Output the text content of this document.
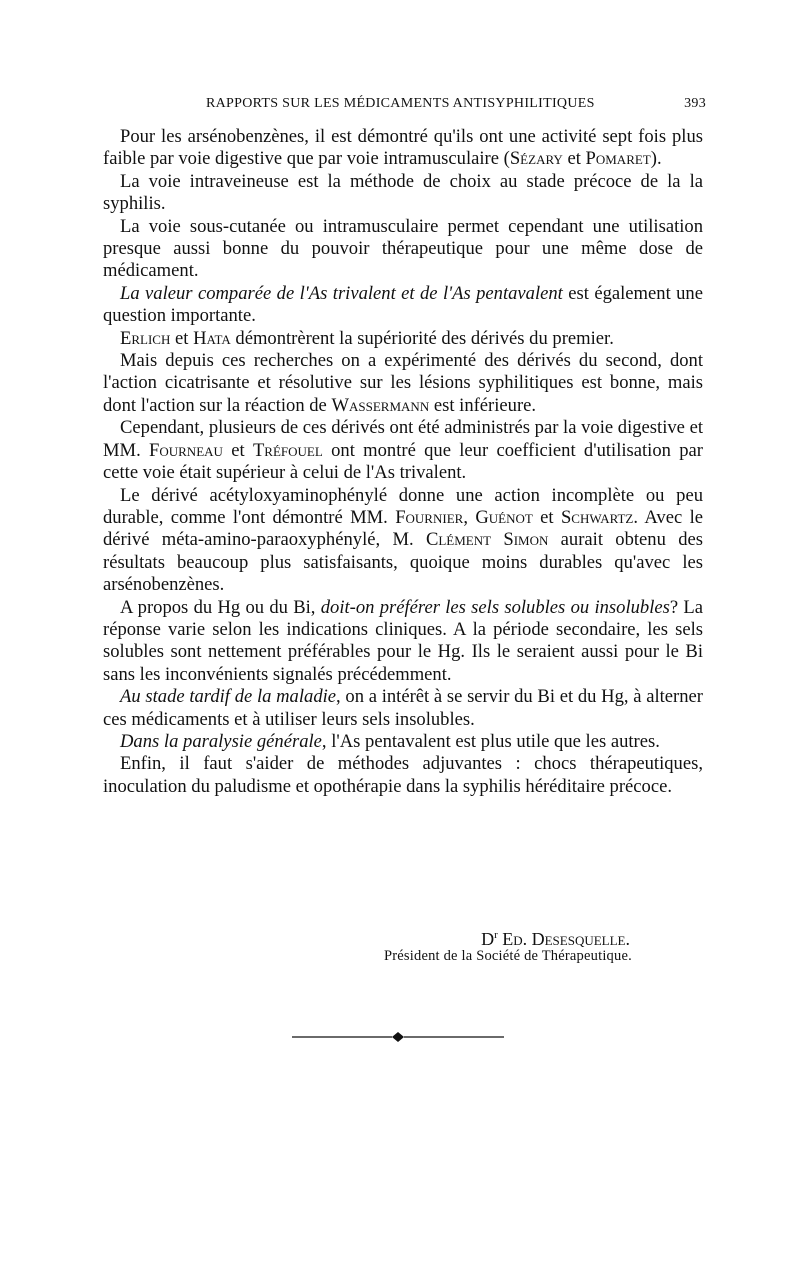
RAPPORTS SUR LES MÉDICAMENTS ANTISYPHILITIQUES	393

Pour les arsénobenzènes, il est démontré qu'ils ont une activité sept fois plus faible par voie digestive que par voie intramusculaire (Sézary et Pomaret).

La voie intraveineuse est la méthode de choix au stade précoce de la la syphilis.

La voie sous-cutanée ou intramusculaire permet cependant une utilisation presque aussi bonne du pouvoir thérapeutique pour une même dose de médicament.

La valeur comparée de l'As trivalent et de l'As pentavalent est également une question importante.

Erlich et Hata démontrèrent la supériorité des dérivés du premier.

Mais depuis ces recherches on a expérimenté des dérivés du second, dont l'action cicatrisante et résolutive sur les lésions syphilitiques est bonne, mais dont l'action sur la réaction de Wassermann est inférieure.

Cependant, plusieurs de ces dérivés ont été administrés par la voie digestive et MM. Fourneau et Tréfouel ont montré que leur coefficient d'utilisation par cette voie était supérieur à celui de l'As trivalent.

Le dérivé acétyloxyaminophénylé donne une action incomplète ou peu durable, comme l'ont démontré MM. Fournier, Guénot et Schwartz. Avec le dérivé méta-amino-paraoxyphénylé, M. Clément Simon aurait obtenu des résultats beaucoup plus satisfaisants, quoique moins durables qu'avec les arsénobenzènes.

A propos du Hg ou du Bi, doit-on préférer les sels solubles ou insolubles? La réponse varie selon les indications cliniques. A la période secondaire, les sels solubles sont nettement préférables pour le Hg. Ils le seraient aussi pour le Bi sans les inconvénients signalés précédemment.

Au stade tardif de la maladie, on a intérêt à se servir du Bi et du Hg, à alterner ces médicaments et à utiliser leurs sels insolubles.

Dans la paralysie générale, l'As pentavalent est plus utile que les autres.

Enfin, il faut s'aider de méthodes adjuvantes : chocs thérapeutiques, inoculation du paludisme et opothérapie dans la syphilis héréditaire précoce.

$D^r$ Ed. Desesquelle.
Président de la Société de Thérapeutique.
